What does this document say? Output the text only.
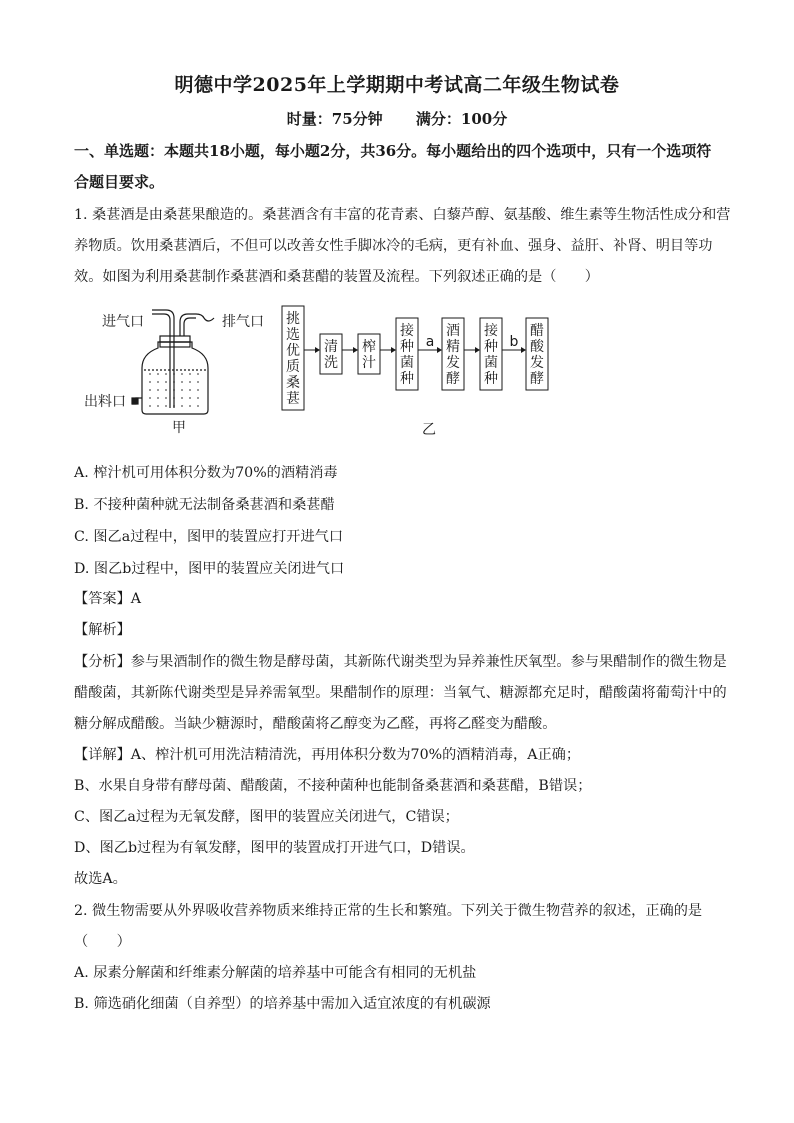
明德中学2025年上学期期中考试高二年级生物试卷
时量：75分钟 满分：100分
一、单选题：本题共18小题，每小题2分，共36分。每小题给出的四个选项中，只有一个选项符合题目要求。
1. 桑葚酒是由桑葚果酿造的。桑葚酒含有丰富的花青素、白藜芦醇、氨基酸、维生素等生物活性成分和营
养物质。饮用桑葚酒后，不但可以改善女性手脚冰冷的毛病，更有补血、强身、益肝、补肾、明目等功
效。如图为利用桑葚制作桑葚酒和桑葚醋的装置及流程。下列叙述正确的是（　　）
进气口	排气口
出料口
甲
挑
选
优
质
桑
葚
清
洗
榨
汁
接
种
菌
种
酒
精
发
酵
a
接
种
菌
种
醋
酸
发
酵
b
乙
A. 榨汁机可用体积分数为70%的酒精消毒
B. 不接种菌种就无法制备桑葚酒和桑葚醋
C. 图乙a过程中，图甲的装置应打开进气口
D. 图乙b过程中，图甲的装置应关闭进气口
【答案】A
【解析】
【分析】参与果酒制作的微生物是酵母菌，其新陈代谢类型为异养兼性厌氧型。参与果醋制作的微生物是
醋酸菌，其新陈代谢类型是异养需氧型。果醋制作的原理：当氧气、糖源都充足时，醋酸菌将葡萄汁中的
糖分解成醋酸。当缺少糖源时，醋酸菌将乙醇变为乙醛，再将乙醛变为醋酸。
【详解】A、榨汁机可用洗洁精清洗，再用体积分数为70%的酒精消毒，A正确；
B、水果自身带有酵母菌、醋酸菌，不接种菌种也能制备桑葚酒和桑葚醋，B错误；
C、图乙a过程为无氧发酵，图甲的装置应关闭进气，C错误；
D、图乙b过程为有氧发酵，图甲的装置成打开进气口，D错误。
故选A。
2. 微生物需要从外界吸收营养物质来维持正常的生长和繁殖。下列关于微生物营养的叙述，正确的是
（　　）
A. 尿素分解菌和纤维素分解菌的培养基中可能含有相同的无机盐
B. 筛选硝化细菌（自养型）的培养基中需加入适宜浓度的有机碳源
